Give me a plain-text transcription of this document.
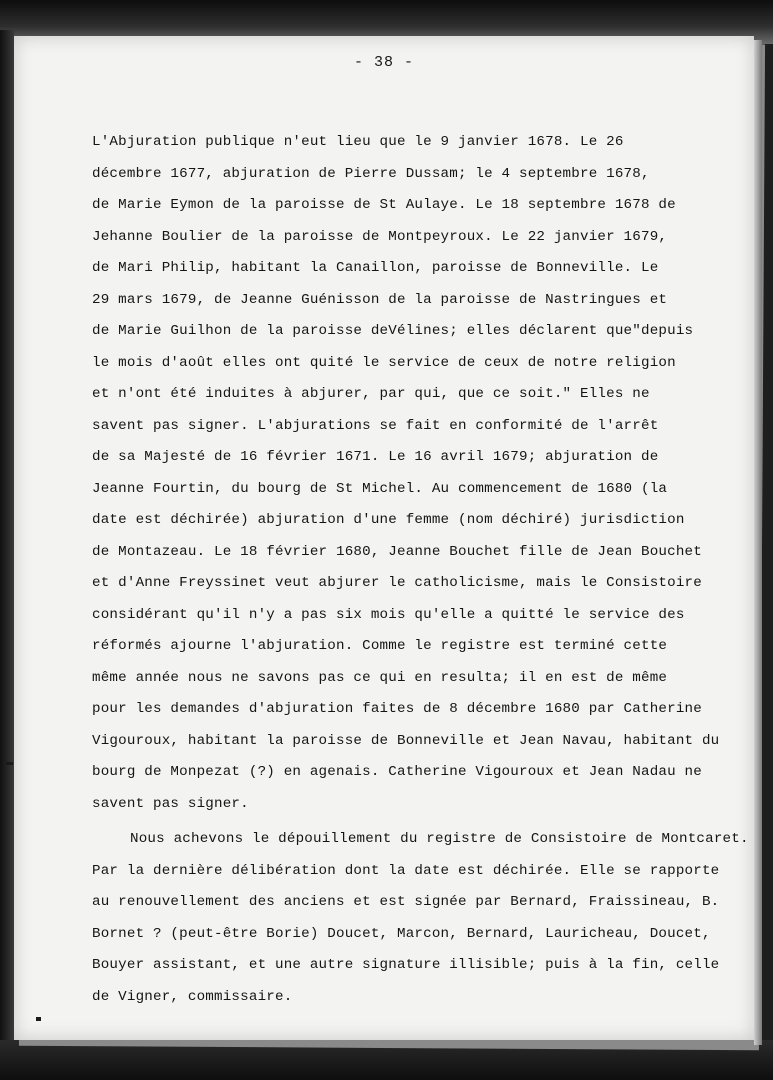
- 38 -
L'Abjuration publique n'eut lieu que le 9 janvier 1678. Le 26
décembre 1677, abjuration de Pierre Dussam; le 4 septembre 1678,
de Marie Eymon de la paroisse de St Aulaye. Le 18 septembre 1678 de
Jehanne Boulier de la paroisse de Montpeyroux. Le 22 janvier 1679,
de Mari Philip, habitant la Canaillon, paroisse de Bonneville. Le
29 mars 1679, de Jeanne Guénisson de la paroisse de Nastringues et
de Marie Guilhon de la paroisse deVélines; elles déclarent que"depuis
le mois d'août elles ont quité le service de ceux de notre religion
et n'ont été induites à abjurer, par qui, que ce soit." Elles ne
savent pas signer. L'abjurations se fait en conformité de l'arrêt
de sa Majesté de 16 février 1671. Le 16 avril 1679; abjuration de
Jeanne Fourtin, du bourg de St Michel. Au commencement de 1680 (la
date est déchirée) abjuration d'une femme (nom déchiré) jurisdiction
de Montazeau. Le 18 février 1680, Jeanne Bouchet fille de Jean Bouchet
et d'Anne Freyssinet veut abjurer le catholicisme, mais le Consistoire
considérant qu'il n'y a pas six mois qu'elle a quitté le service des
réformés ajourne l'abjuration. Comme le registre est terminé cette
même année nous ne savons pas ce qui en resulta; il en est de même
pour les demandes d'abjuration faites de 8 décembre 1680 par Catherine
Vigouroux, habitant la paroisse de Bonneville et Jean Navau, habitant du
bourg de Monpezat (?) en agenais. Catherine Vigouroux et Jean Nadau ne
savent pas signer.
Nous achevons le dépouillement du registre de Consistoire de Montcaret.
Par la dernière délibération dont la date est déchirée. Elle se rapporte
au renouvellement des anciens et est signée par Bernard, Fraissineau, B.
Bornet ? (peut-être Borie) Doucet, Marcon, Bernard, Lauricheau, Doucet,
Bouyer assistant, et une autre signature illisible; puis à la fin, celle
de Vigner, commissaire.
